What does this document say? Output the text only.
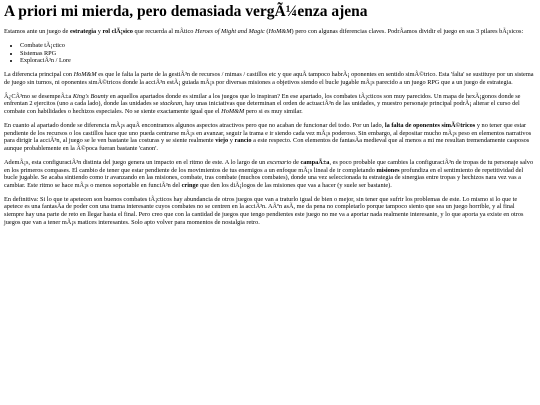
A priori mi mierda, pero demasiada vergÃ¼enza ajena

Estamos ante un juego de estrategia y rol clÃ¡sico que recuerda al mÃtico Heroes of Might and Magic (HoM&M) pero con algunas diferencias claves. PodrÃamos dividir el juego en sus 3 pilares bÃ¡sicos:

• Combate tÃ¡ctico
• Sistemas RPG
• ExploraciÃ³n / Lore

La diferencia principal con HoM&M es que le falta la parte de la gestiÃ³n de recursos / mimas / castillos etc y que aquÃ tampoco habrÃ¡ oponentes en sentido simÃ©trico. Esta 'falta' se sustituye por un sistema de juego sin turnos, ni oponentes simÃ©tricos donde la acciÃ³n estÃ¡ guiada mÃ¡s por diversas misiones a objetivos siendo el bucle jugable mÃ¡s parecido a un juego RPG que a un juego de estrategia.

Â¿CÃ³mo se desempeÃ±a King's Bounty en aquellos apartados donde es similar a los juegos que lo inspiran? En ese apartado, los combates tÃ¡cticos son muy parecidos. Un mapa de hexÃ¡gonos donde se enfrentan 2 ejercitos (uno a cada lado), donde las unidades se stackean, hay unas iniciativas que determinan el orden de actuaciÃ³n de las unidades, y muestro personaje principal podrÃ¡ alterar el curso del combate con habilidades o hechizos especiales. No se siente exactamente igual que el HoM&M pero si es muy similar.

En cuanto al apartado donde se diferencia mÃ¡s aquÃ encontramos algunos aspectos atractivos pero que no acaban de funcionar del todo. Por un lado, la falta de oponentes simÃ©tricos y no tener que estar pendiente de los recursos o los castillos hace que uno pueda centrarse mÃ¡s en avanzar, seguir la trama e ir siendo cada vez mÃ¡s poderoso. Sin embargo, al depositar mucho mÃ¡s peso en elementos narrativos para dirigir la acciÃ³n, al juego se le ven bastante las costuras y se siente realmente viejo y rancio a este respecto. Con elementos de fantasÃa medieval que al menos a mi me resultan tremendamente casposos aunque probablemente en la Ã©poca fueran bastante 'canon'.

AdemÃ¡s, esta configuraciÃ³n distinta del juego genera un impacto en el ritmo de este. A lo largo de un escenario de campaÃ±a, es poco probable que cambies la configuraciÃ³n de tropas de tu personaje salvo en los primeros compases. El cambio de tener que estar pendiente de los movimientos de tus enemigos a un enfoque mÃ¡s lineal de ir completando misiones profundiza en el sentimiento de repetitividad del bucle jugable. Se acaba sintiendo como ir avanzando en las misiones, combate, tras combate (muchos combates), donde una vez seleccionada tu estrategia de sinergias entre tropas y hechizos nara vez vas a cambiar. Este ritmo se hace mÃ¡s o menos soportable en funciÃ³n del cringe que den los diÃ¡logos de las misiones que vas a hacer (y suele ser bastante).

En definitiva: Si lo que te apetecen son buenos combates tÃ¡cticos hay abundancia de otros juegos que van a traturlo igual de bien o mejor, sin tener que sufrir los problemas de este. Lo mismo si lo que te apetece es una fantasÃa de poder con una trama interesante cuyos combates no se centren en la acciÃ³n. AÃºn asÃ, me da pena no completarlo porque tampoco siento que sea un juego horrible, y al final siempre hay una parte de reto en llegar hasta el final. Pero creo que con la cantidad de juegos que tengo pendientes este juego no me va a aportar nada realmente interesante, y lo que aporta ya existe en otros juegos que van a tener mÃ¡s matices interesantes. Solo apto volver para momentos de nostalgia retro.
